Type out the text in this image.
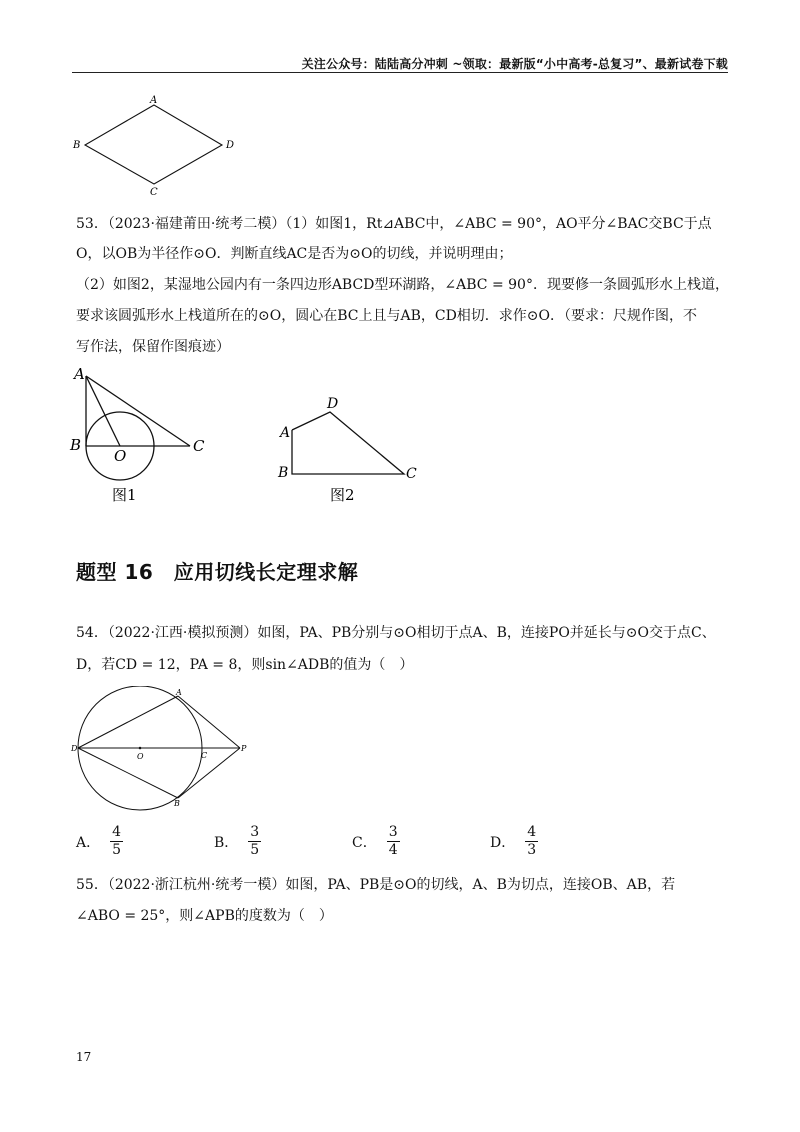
关注公众号：陆陆高分冲刺 ~领取：最新版“小中高考-总复习”、最新试卷下载
A
B
C
D
53．（2023·福建莆田·统考二模）（1）如图1，Rt⊿ABC中，∠ABC = 90°，AO平分∠BAC交BC于点
O，以OB为半径作⊙O．判断直线AC是否为⊙O的切线，并说明理由；
（2）如图2，某湿地公园内有一条四边形ABCD型环湖路，∠ABC = 90°．现要修一条圆弧形水上栈道，
要求该圆弧形水上栈道所在的⊙O，圆心在BC上且与AB，CD相切．求作⊙O．（要求：尺规作图，不
写作法，保留作图痕迹）
A
B
O
C
图1
A
B	C
D
图2
题型 16　应用切线长定理求解
54．（2022·江西·模拟预测）如图，PA、PB分别与⊙O相切于点A、B，连接PO并延长与⊙O交于点C、
D，若CD = 12，PA = 8，则sin∠ADB的值为（　）
A
B
C
D
O
P
A． $\frac{4}{5}$	B． $\frac{3}{5}$	C． $\frac{3}{4}$	D． $\frac{4}{3}$
55．（2022·浙江杭州·统考一模）如图，PA、PB是⊙O的切线，A、B为切点，连接OB、AB，若
∠ABO = 25°，则∠APB的度数为（　）
17
